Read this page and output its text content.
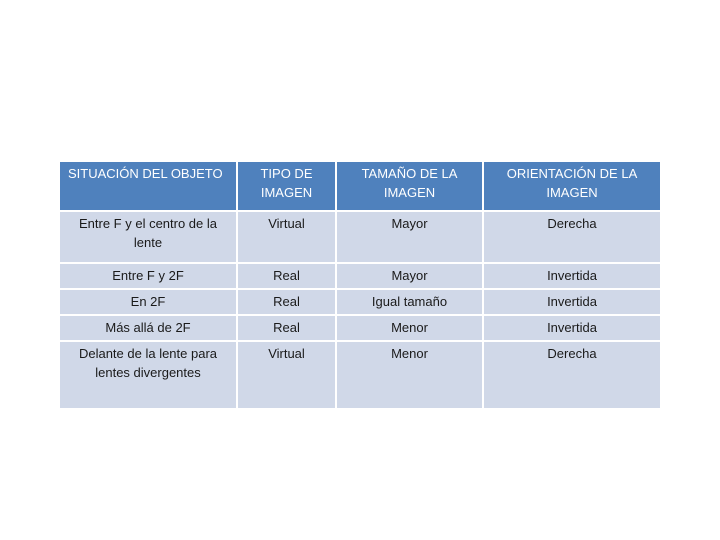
SITUACIÓN DEL OBJETO	TIPO DE IMAGEN	TAMAÑO DE LA IMAGEN	ORIENTACIÓN DE LA IMAGEN
Entre F y el centro de la lente	Virtual	Mayor	Derecha
Entre F y 2F	Real	Mayor	Invertida
En 2F	Real	Igual tamaño	Invertida
Más allá de 2F	Real	Menor	Invertida
Delante de la lente para lentes divergentes	Virtual	Menor	Derecha
